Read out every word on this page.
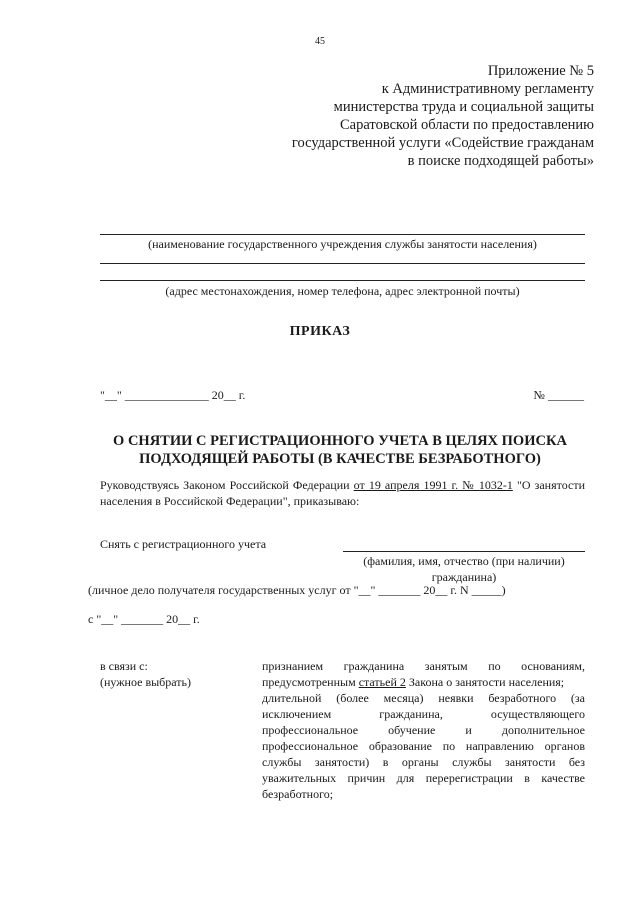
45
Приложение № 5
к Административному регламенту
министерства труда и социальной защиты
Саратовской области по предоставлению
государственной услуги «Содействие гражданам
в поиске подходящей работы»
(наименование государственного учреждения службы занятости населения)
(адрес местонахождения, номер телефона, адрес электронной почты)
ПРИКАЗ
"__" ______________ 20__ г.	№ ______
О СНЯТИИ С РЕГИСТРАЦИОННОГО УЧЕТА В ЦЕЛЯХ ПОИСКА
ПОДХОДЯЩЕЙ РАБОТЫ (В КАЧЕСТВЕ БЕЗРАБОТНОГО)
Руководствуясь Законом Российской Федерации от 19 апреля 1991 г. № 1032-1 "О занятости населения в Российской Федерации", приказываю:
Снять с регистрационного учета
(фамилия, имя, отчество (при наличии) гражданина)
(личное дело получателя государственных услуг от "__" _______ 20__ г. N _____)
с "__" _______ 20__ г.
в связи с:
(нужное выбрать)

признанием гражданина занятым по основаниям, предусмотренным статьей 2 Закона о занятости населения;

длительной (более месяца) неявки безработного (за исключением гражданина, осуществляющего профессиональное обучение и дополнительное профессиональное образование по направлению органов службы занятости) в органы службы занятости без уважительных причин для перерегистрации в качестве безработного;
